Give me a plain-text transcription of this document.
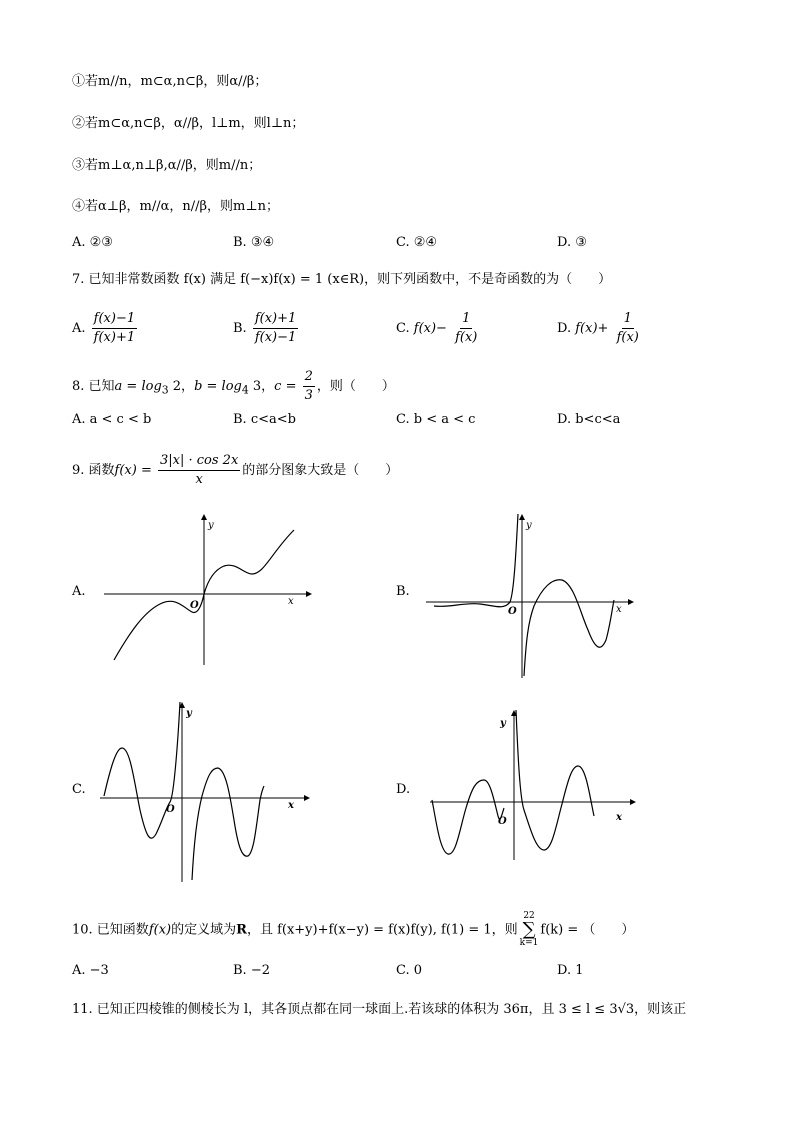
①若m//n，m⊂α,n⊂β，则α//β；
②若m⊂α,n⊂β，α//β，l⊥m，则l⊥n；
③若m⊥α,n⊥β,α//β，则m//n；
④若α⊥β，m//α，n//β，则m⊥n；
A. ②③	B. ③④	C. ②④	D. ③
7. 已知非常数函数 f(x) 满足 f(−x)f(x) = 1 (x∈R)，则下列函数中，不是奇函数的为（　　）
A. $\frac{f(x)-1}{f(x)+1}$	B. $\frac{f(x)+1}{f(x)-1}$	C. $f(x)- \frac{1}{f(x)}$	D. $f(x)+ \frac{1}{f(x)}$
8. 已知$a = \log_3 2$，$b = \log_4 3$，$c = \frac{2}{3}$ ，则（　　）
A. a < c < b	B. c<a<b	C. b < a < c	D. b<c<a
9. 函数$f(x) = \frac{3|x| \cdot \cos 2x}{x}$ 的部分图象大致是（　　）
A.	B.
C.	D.
y
x
O
y
x
O
y
x
O
y
x
O
10. 已知函数f(x)的定义域为R，且 f(x+y)+f(x−y) = f(x)f(y), f(1) = 1，则
22
∑
k=1
f(k) = （　　）
A. −3	B. −2	C. 0	D. 1
11. 已知正四棱锥的侧棱长为 l，其各顶点都在同一球面上.若该球的体积为 36π，且 3 ≤ l ≤ 3√3，则该正
